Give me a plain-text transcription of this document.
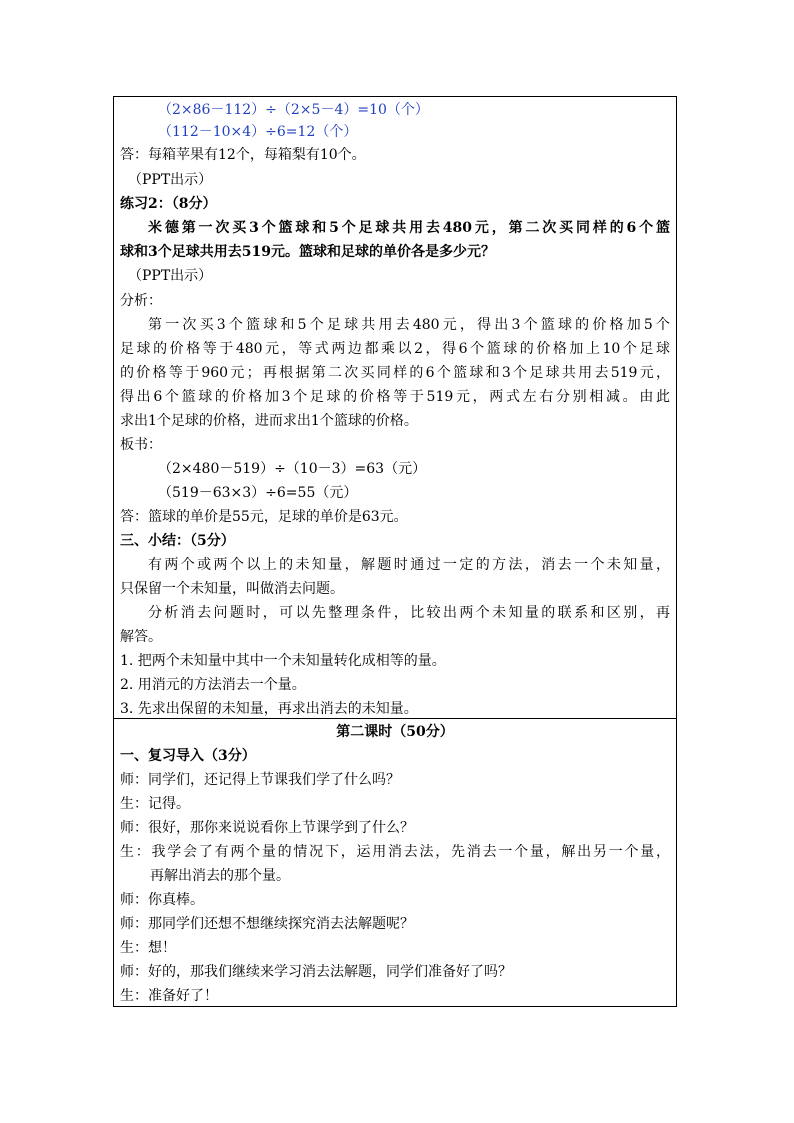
（2×86－112）÷（2×5－4）=10（个）
（112－10×4）÷6=12（个）
答：每箱苹果有12个，每箱梨有10个。
（PPT出示）
练习2：（8分）
米德第一次买3个篮球和5个足球共用去480元，第二次买同样的6个篮
球和3个足球共用去519元。篮球和足球的单价各是多少元？
（PPT出示）
分析：
第一次买3个篮球和5个足球共用去480元，得出3个篮球的价格加5个
足球的价格等于480元，等式两边都乘以2，得6个篮球的价格加上10个足球
的价格等于960元；再根据第二次买同样的6个篮球和3个足球共用去519元，
得出6个篮球的价格加3个足球的价格等于519元，两式左右分别相减。由此
求出1个足球的价格，进而求出1个篮球的价格。
板书：
（2×480－519）÷（10－3）=63（元）
（519－63×3）÷6=55（元）
答：篮球的单价是55元，足球的单价是63元。
三、小结：（5分）
有两个或两个以上的未知量，解题时通过一定的方法，消去一个未知量，
只保留一个未知量，叫做消去问题。
分析消去问题时，可以先整理条件，比较出两个未知量的联系和区别，再
解答。
1. 把两个未知量中其中一个未知量转化成相等的量。
2. 用消元的方法消去一个量。
3. 先求出保留的未知量，再求出消去的未知量。
第二课时（50分）
一、复习导入（3分）
师：同学们，还记得上节课我们学了什么吗？
生：记得。
师：很好，那你来说说看你上节课学到了什么？
生：我学会了有两个量的情况下，运用消去法，先消去一个量，解出另一个量，
再解出消去的那个量。
师：你真棒。
师：那同学们还想不想继续探究消去法解题呢？
生：想！
师：好的，那我们继续来学习消去法解题，同学们准备好了吗？
生：准备好了！
